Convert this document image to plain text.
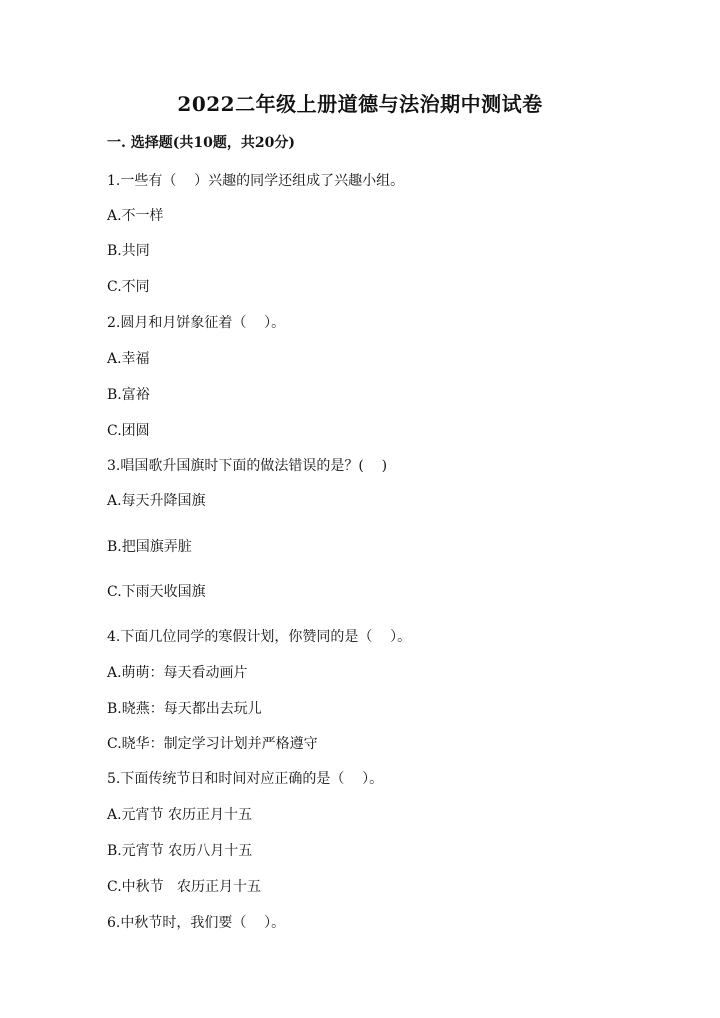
2022二年级上册道德与法治期中测试卷
一. 选择题(共10题，共20分)
1.一些有（    ）兴趣的同学还组成了兴趣小组。
A.不一样
B.共同
C.不同
2.圆月和月饼象征着（    ）。
A.幸福
B.富裕
C.团圆
3.唱国歌升国旗时下面的做法错误的是？(    )
A.每天升降国旗
B.把国旗弄脏
C.下雨天收国旗
4.下面几位同学的寒假计划，你赞同的是（    ）。
A.萌萌：每天看动画片
B.晓燕：每天都出去玩儿
C.晓华：制定学习计划并严格遵守
5.下面传统节日和时间对应正确的是（    ）。
A.元宵节 农历正月十五
B.元宵节 农历八月十五
C.中秋节   农历正月十五
6.中秋节时，我们要（    ）。
